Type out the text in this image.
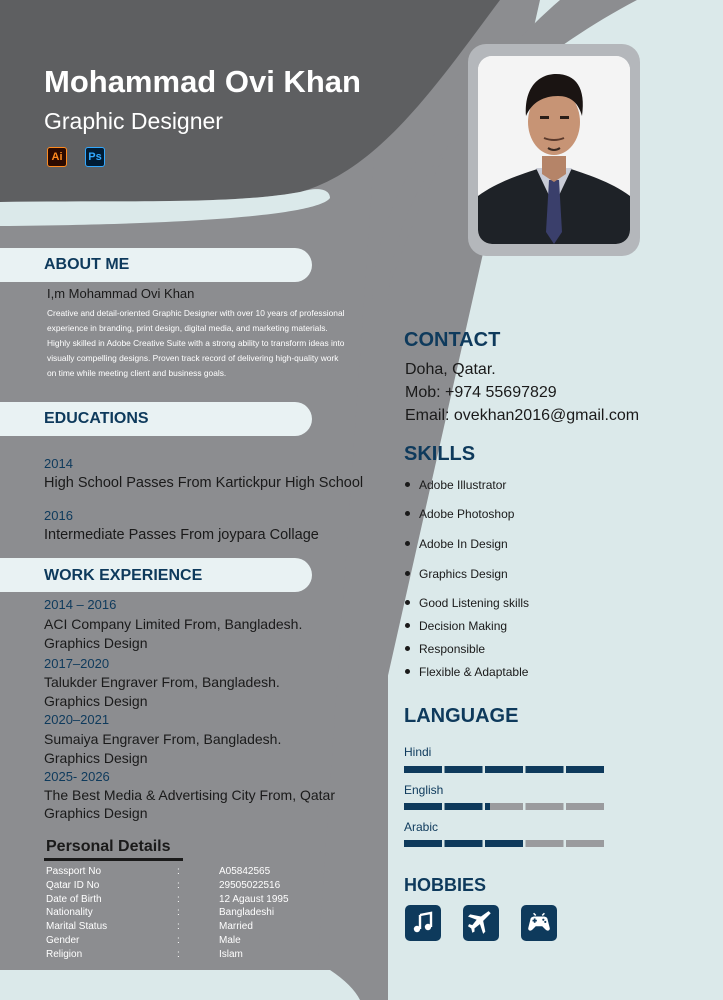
Mohammad Ovi Khan
Graphic Designer
Ai	Ps
ABOUT ME
I,m Mohammad Ovi Khan
Creative and detail-oriented Graphic Designer with over 10 years of professional experience in branding, print design, digital media, and marketing materials. Highly skilled in Adobe Creative Suite with a strong ability to transform ideas into visually compelling designs. Proven track record of delivering high-quality work on time while meeting client and business goals.
EDUCATIONS
2014
High School Passes From Kartickpur High School
2016
Intermediate Passes From joypara Collage
WORK EXPERIENCE
2014 – 2016
ACI Company Limited From, Bangladesh.
Graphics Design
2017–2020
Talukder Engraver From, Bangladesh.
Graphics Design
2020–2021
Sumaiya Engraver From, Bangladesh.
Graphics Design
2025- 2026
The Best Media & Advertising City From, Qatar
Graphics Design
Personal Details
Passport No	:	A05842565
Qatar ID No	:	29505022516
Date of Birth	:	12 Agaust 1995
Nationality	:	Bangladeshi
Marital Status	:	Married
Gender	:	Male
Religion	:	Islam
CONTACT
Doha, Qatar.
Mob: +974 55697829
Email: ovekhan2016@gmail.com
SKILLS
Adobe Illustrator
Adobe Photoshop
Adobe In Design
Graphics Design
Good Listening skills
Decision Making
Responsible
Flexible & Adaptable
LANGUAGE
Hindi
English
Arabic
HOBBIES
